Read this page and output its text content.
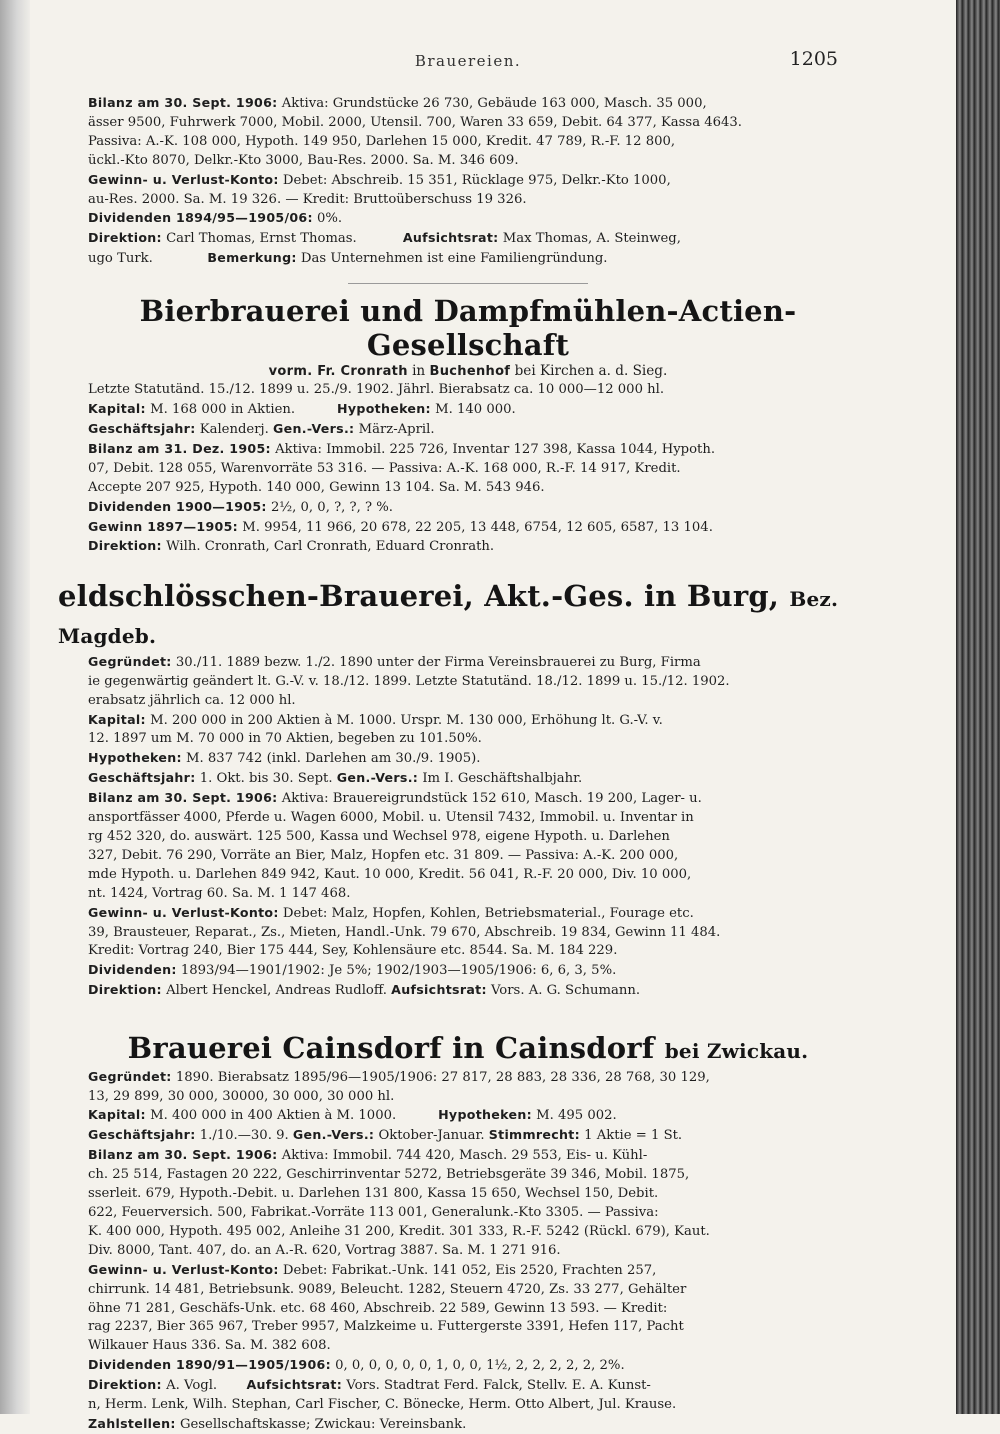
Brauereien.	1205

Bilanz am 30. Sept. 1906: Aktiva: Grundstücke 26 730, Gebäude 163 000, Masch. 35 000,

ässer 9500, Fuhrwerk 7000, Mobil. 2000, Utensil. 700, Waren 33 659, Debit. 64 377, Kassa 4643.

Passiva: A.-K. 108 000, Hypoth. 149 950, Darlehen 15 000, Kredit. 47 789, R.-F. 12 800,

ückl.-Kto 8070, Delkr.-Kto 3000, Bau-Res. 2000. Sa. M. 346 609.

Gewinn- u. Verlust-Konto: Debet: Abschreib. 15 351, Rücklage 975, Delkr.-Kto 1000,

au-Res. 2000. Sa. M. 19 326. — Kredit: Bruttoüberschuss 19 326.

Dividenden 1894/95—1905/06: 0%.

Direktion: Carl Thomas, Ernst Thomas.	Aufsichtsrat: Max Thomas, A. Steinweg,

ugo Turk.	Bemerkung: Das Unternehmen ist eine Familiengründung.

Bierbrauerei und Dampfmühlen-Actien-Gesellschaft

vorm. Fr. Cronrath in Buchenhof bei Kirchen a. d. Sieg.

Letzte Statutänd. 15./12. 1899 u. 25./9. 1902. Jährl. Bierabsatz ca. 10 000—12 000 hl.

Kapital: M. 168 000 in Aktien.	Hypotheken: M. 140 000.

Geschäftsjahr: Kalenderj. Gen.-Vers.: März-April.

Bilanz am 31. Dez. 1905: Aktiva: Immobil. 225 726, Inventar 127 398, Kassa 1044, Hypoth.

07, Debit. 128 055, Warenvorräte 53 316. — Passiva: A.-K. 168 000, R.-F. 14 917, Kredit.

Accepte 207 925, Hypoth. 140 000, Gewinn 13 104. Sa. M. 543 946.

Dividenden 1900—1905: 2½, 0, 0, ?, ?, ? %.

Gewinn 1897—1905: M. 9954, 11 966, 20 678, 22 205, 13 448, 6754, 12 605, 6587, 13 104.

Direktion: Wilh. Cronrath, Carl Cronrath, Eduard Cronrath.

eldschlösschen-Brauerei, Akt.-Ges. in Burg, Bez. Magdeb.

Gegründet: 30./11. 1889 bezw. 1./2. 1890 unter der Firma Vereinsbrauerei zu Burg, Firma

ie gegenwärtig geändert lt. G.-V. v. 18./12. 1899. Letzte Statutänd. 18./12. 1899 u. 15./12. 1902.

erabsatz jährlich ca. 12 000 hl.

Kapital: M. 200 000 in 200 Aktien à M. 1000. Urspr. M. 130 000, Erhöhung lt. G.-V. v.

12. 1897 um M. 70 000 in 70 Aktien, begeben zu 101.50%.

Hypotheken: M. 837 742 (inkl. Darlehen am 30./9. 1905).

Geschäftsjahr: 1. Okt. bis 30. Sept. Gen.-Vers.: Im I. Geschäftshalbjahr.

Bilanz am 30. Sept. 1906: Aktiva: Brauereigrundstück 152 610, Masch. 19 200, Lager- u.

ansportfässer 4000, Pferde u. Wagen 6000, Mobil. u. Utensil 7432, Immobil. u. Inventar in

rg 452 320, do. auswärt. 125 500, Kassa und Wechsel 978, eigene Hypoth. u. Darlehen

327, Debit. 76 290, Vorräte an Bier, Malz, Hopfen etc. 31 809. — Passiva: A.-K. 200 000,

mde Hypoth. u. Darlehen 849 942, Kaut. 10 000, Kredit. 56 041, R.-F. 20 000, Div. 10 000,

nt. 1424, Vortrag 60. Sa. M. 1 147 468.

Gewinn- u. Verlust-Konto: Debet: Malz, Hopfen, Kohlen, Betriebsmaterial., Fourage etc.

39, Brausteuer, Reparat., Zs., Mieten, Handl.-Unk. 79 670, Abschreib. 19 834, Gewinn 11 484.

Kredit: Vortrag 240, Bier 175 444, Sey, Kohlensäure etc. 8544. Sa. M. 184 229.

Dividenden: 1893/94—1901/1902: Je 5%; 1902/1903—1905/1906: 6, 6, 3, 5%.

Direktion: Albert Henckel, Andreas Rudloff. Aufsichtsrat: Vors. A. G. Schumann.

Brauerei Cainsdorf in Cainsdorf bei Zwickau.

Gegründet: 1890. Bierabsatz 1895/96—1905/1906: 27 817, 28 883, 28 336, 28 768, 30 129,

13, 29 899, 30 000, 30000, 30 000, 30 000 hl.

Kapital: M. 400 000 in 400 Aktien à M. 1000.	Hypotheken: M. 495 002.

Geschäftsjahr: 1./10.—30. 9. Gen.-Vers.: Oktober-Januar. Stimmrecht: 1 Aktie = 1 St.

Bilanz am 30. Sept. 1906: Aktiva: Immobil. 744 420, Masch. 29 553, Eis- u. Kühl-

ch. 25 514, Fastagen 20 222, Geschirrinventar 5272, Betriebsgeräte 39 346, Mobil. 1875,

sserleit. 679, Hypoth.-Debit. u. Darlehen 131 800, Kassa 15 650, Wechsel 150, Debit.

622, Feuerversich. 500, Fabrikat.-Vorräte 113 001, Generalunk.-Kto 3305. — Passiva:

K. 400 000, Hypoth. 495 002, Anleihe 31 200, Kredit. 301 333, R.-F. 5242 (Rückl. 679), Kaut.

Div. 8000, Tant. 407, do. an A.-R. 620, Vortrag 3887. Sa. M. 1 271 916.

Gewinn- u. Verlust-Konto: Debet: Fabrikat.-Unk. 141 052, Eis 2520, Frachten 257,

chirrunk. 14 481, Betriebsunk. 9089, Beleucht. 1282, Steuern 4720, Zs. 33 277, Gehälter

öhne 71 281, Geschäfs-Unk. etc. 68 460, Abschreib. 22 589, Gewinn 13 593. — Kredit:

rag 2237, Bier 365 967, Treber 9957, Malzkeime u. Futtergerste 3391, Hefen 117, Pacht

Wilkauer Haus 336. Sa. M. 382 608.

Dividenden 1890/91—1905/1906: 0, 0, 0, 0, 0, 0, 1, 0, 0, 1½, 2, 2, 2, 2, 2, 2%.

Direktion: A. Vogl. Aufsichtsrat: Vors. Stadtrat Ferd. Falck, Stellv. E. A. Kunst-

n, Herm. Lenk, Wilh. Stephan, Carl Fischer, C. Bönecke, Herm. Otto Albert, Jul. Krause.

Zahlstellen: Gesellschaftskasse; Zwickau: Vereinsbank.
